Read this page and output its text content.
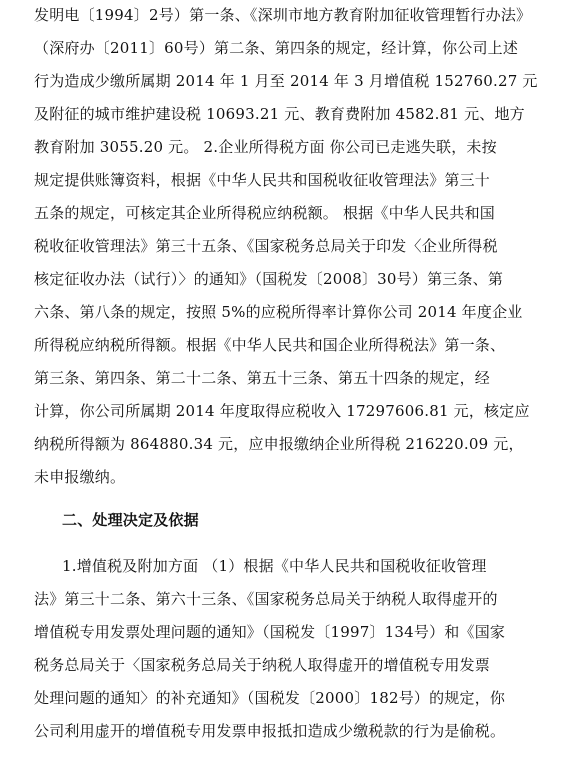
发明电〔1994〕2号）第一条、《深圳市地方教育附加征收管理暂行办法》
（深府办〔2011〕60号）第二条、第四条的规定，经计算，你公司上述
行为造成少缴所属期 2014 年 1 月至 2014 年 3 月增值税 152760.27 元
及附征的城市维护建设税 10693.21 元、教育费附加 4582.81 元、地方
教育附加 3055.20 元。 2.企业所得税方面 你公司已走逃失联，未按
规定提供账簿资料，根据《中华人民共和国税收征收管理法》第三十
五条的规定，可核定其企业所得税应纳税额。 根据《中华人民共和国
税收征收管理法》第三十五条、《国家税务总局关于印发〈企业所得税
核定征收办法（试行）〉的通知》（国税发〔2008〕30号）第三条、第
六条、第八条的规定，按照 5%的应税所得率计算你公司 2014 年度企业
所得税应纳税所得额。根据《中华人民共和国企业所得税法》第一条、
第三条、第四条、第二十二条、第五十三条、第五十四条的规定，经
计算，你公司所属期 2014 年度取得应税收入 17297606.81 元，核定应
纳税所得额为 864880.34 元，应申报缴纳企业所得税 216220.09 元，
未申报缴纳。
二、处理决定及依据
1.增值税及附加方面 （1）根据《中华人民共和国税收征收管理
法》第三十二条、第六十三条、《国家税务总局关于纳税人取得虚开的
增值税专用发票处理问题的通知》（国税发〔1997〕134号）和《国家
税务总局关于〈国家税务总局关于纳税人取得虚开的增值税专用发票
处理问题的通知〉的补充通知》（国税发〔2000〕182号）的规定，你
公司利用虚开的增值税专用发票申报抵扣造成少缴税款的行为是偷税。
